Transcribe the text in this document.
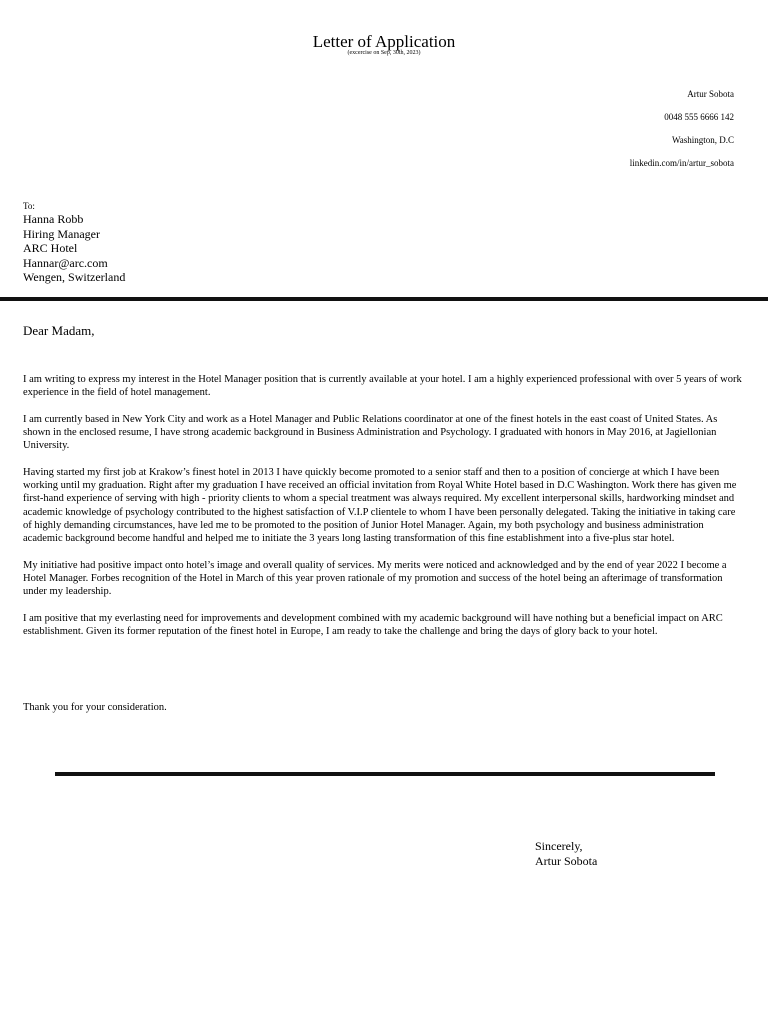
Letter of Application
(excercise on Sep, 30th, 2023)
Artur Sobota
0048 555 6666 142
Washington, D.C
linkedin.com/in/artur_sobota
To:
Hanna Robb
Hiring Manager
ARC Hotel
Hannar@arc.com
Wengen, Switzerland
Dear Madam,

I am writing to express my interest in the Hotel Manager position that is currently available at your hotel. I am a highly experienced professional with over 5 years of work experience in the field of hotel management.

I am currently based in New York City and work as a Hotel Manager and Public Relations coordinator at one of the finest hotels in the east coast of United States. As shown in the enclosed resume, I have strong academic background in Business Administration and Psychology. I graduated with honors in May 2016, at Jagiellonian University.

Having started my first job at Krakow’s finest hotel in 2013 I have quickly become promoted to a senior staff and then to a position of concierge at which I have been working until my graduation. Right after my graduation I have received an official invitation from Royal White Hotel based in D.C Washington. Work there has given me first-hand experience of serving with high - priority clients to whom a special treatment was always required. My excellent interpersonal skills, hardworking mindset and academic knowledge of psychology contributed to the highest satisfaction of V.I.P clientele to whom I have been personally delegated. Taking the initiative in taking care of highly demanding circumstances, have led me to be promoted to the position of Junior Hotel Manager. Again, my both psychology and business administration academic background become handful and helped me to initiate the 3 years long lasting transformation of this fine establishment into a five-plus star hotel.

My initiative had positive impact onto hotel’s image and overall quality of services. My merits were noticed and acknowledged and by the end of year 2022 I become a Hotel Manager. Forbes recognition of the Hotel in March of this year proven rationale of my promotion and success of the hotel being an afterimage of transformation under my leadership.

I am positive that my everlasting need for improvements and development combined with my academic background will have nothing but a beneficial impact on ARC establishment. Given its former reputation of the finest hotel in Europe, I am ready to take the challenge and bring the days of glory back to your hotel.

Thank you for your consideration.
Sincerely,
Artur Sobota
